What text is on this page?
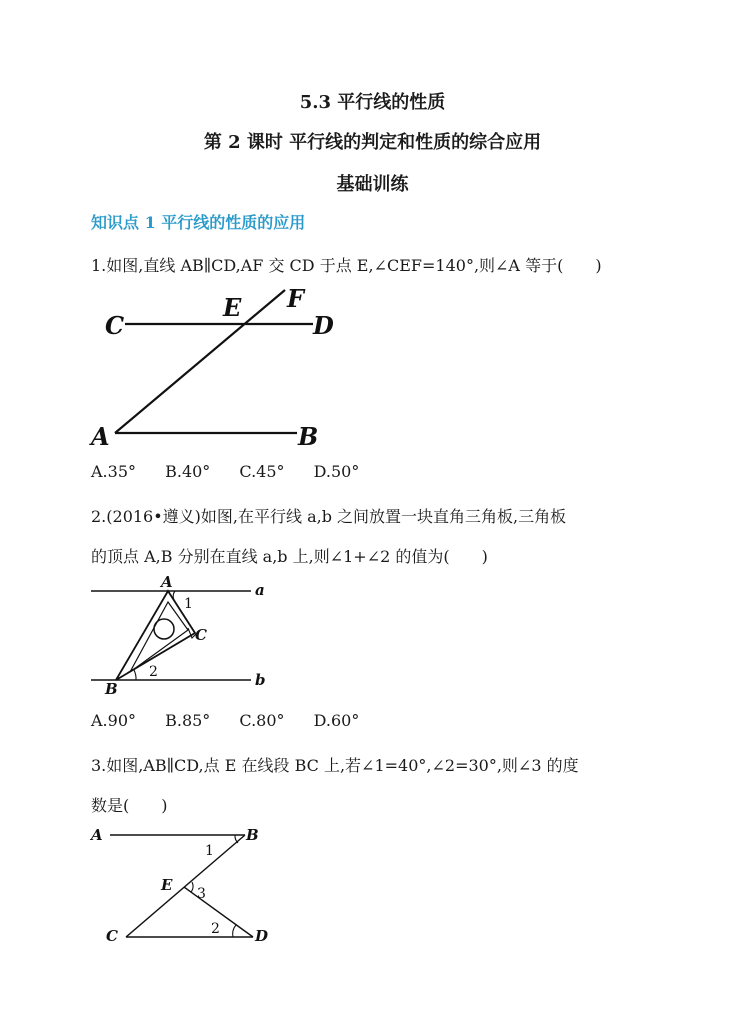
5.3 平行线的性质
第 2 课时 平行线的判定和性质的综合应用
基础训练
知识点 1 平行线的性质的应用
1.如图,直线 AB∥CD,AF 交 CD 于点 E,∠CEF=140°,则∠A 等于(　　)
C
E F
D
A	B
A.35° B.40° C.45° D.50°
2.(2016•遵义)如图,在平行线 a,b 之间放置一块直角三角板,三角板
的顶点 A,B 分别在直线 a,b 上,则∠1+∠2 的值为(　　)
A	a
1
C
2
B	b
A.90° B.85° C.80° D.60°
3.如图,AB∥CD,点 E 在线段 BC 上,若∠1=40°,∠2=30°,则∠3 的度
数是(　　)
A	B
1
E 3
C	2 D
